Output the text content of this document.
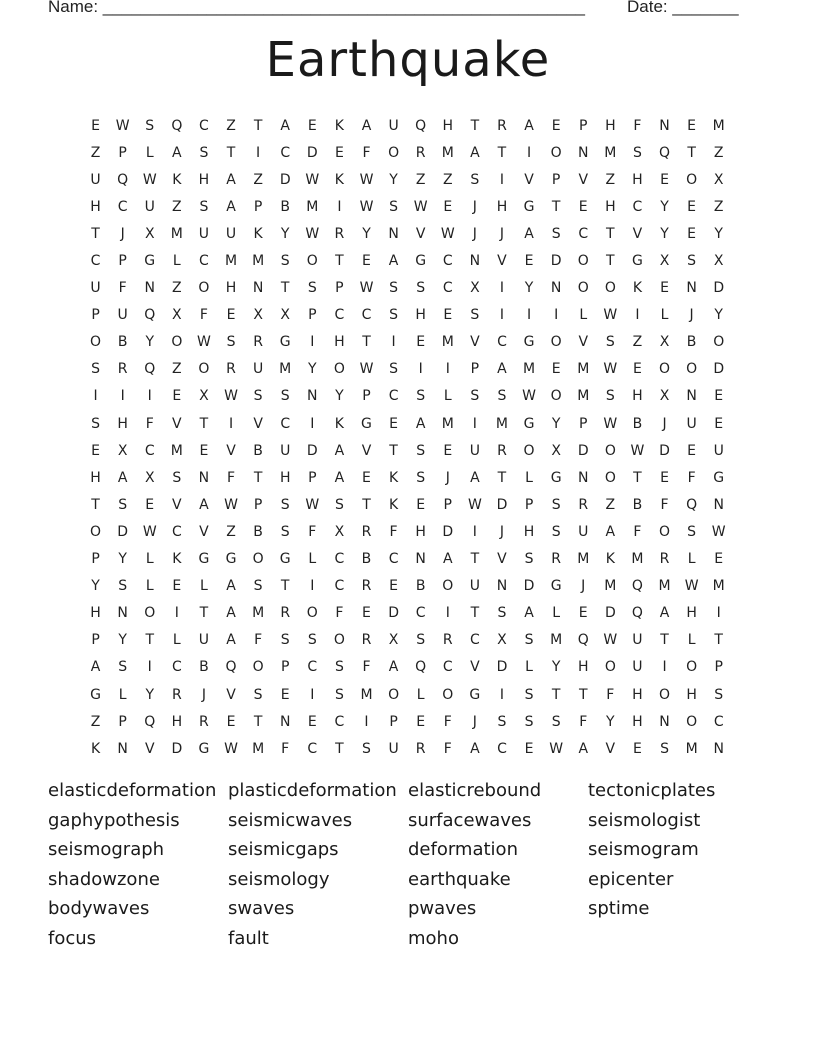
Name: ___________________________________________________ Date: _______
Earthquake
E	W	S	Q	C	Z	T	A	E	K	A	U	Q	H	T	R	A	E	P	H	F	N	E	M
Z	P	L	A	S	T	I	C	D	E	F	O	R	M	A	T	I	O	N	M	S	Q	T	Z
U	Q	W	K	H	A	Z	D	W	K	W	Y	Z	Z	S	I	V	P	V	Z	H	E	O	X
H	C	U	Z	S	A	P	B	M	I	W	S	W	E	J	H	G	T	E	H	C	Y	E	Z
T	J	X	M	U	U	K	Y	W	R	Y	N	V	W	J	J	A	S	C	T	V	Y	E	Y
C	P	G	L	C	M	M	S	O	T	E	A	G	C	N	V	E	D	O	T	G	X	S	X
U	F	N	Z	O	H	N	T	S	P	W	S	S	C	X	I	Y	N	O	O	K	E	N	D
P	U	Q	X	F	E	X	X	P	C	C	S	H	E	S	I	I	I	L	W	I	L	J	Y
O	B	Y	O	W	S	R	G	I	H	T	I	E	M	V	C	G	O	V	S	Z	X	B	O
S	R	Q	Z	O	R	U	M	Y	O	W	S	I	I	P	A	M	E	M	W	E	O	O	D
I	I	I	E	X	W	S	S	N	Y	P	C	S	L	S	S	W	O	M	S	H	X	N	E
S	H	F	V	T	I	V	C	I	K	G	E	A	M	I	M	G	Y	P	W	B	J	U	E
E	X	C	M	E	V	B	U	D	A	V	T	S	E	U	R	O	X	D	O	W	D	E	U
H	A	X	S	N	F	T	H	P	A	E	K	S	J	A	T	L	G	N	O	T	E	F	G
T	S	E	V	A	W	P	S	W	S	T	K	E	P	W	D	P	S	R	Z	B	F	Q	N
O	D	W	C	V	Z	B	S	F	X	R	F	H	D	I	J	H	S	U	A	F	O	S	W
P	Y	L	K	G	G	O	G	L	C	B	C	N	A	T	V	S	R	M	K	M	R	L	E
Y	S	L	E	L	A	S	T	I	C	R	E	B	O	U	N	D	G	J	M	Q	M	W	M
H	N	O	I	T	A	M	R	O	F	E	D	C	I	T	S	A	L	E	D	Q	A	H	I
P	Y	T	L	U	A	F	S	S	O	R	X	S	R	C	X	S	M	Q	W	U	T	L	T
A	S	I	C	B	Q	O	P	C	S	F	A	Q	C	V	D	L	Y	H	O	U	I	O	P
G	L	Y	R	J	V	S	E	I	S	M	O	L	O	G	I	S	T	T	F	H	O	H	S
Z	P	Q	H	R	E	T	N	E	C	I	P	E	F	J	S	S	S	F	Y	H	N	O	C
K	N	V	D	G	W	M	F	C	T	S	U	R	F	A	C	E	W	A	V	E	S	M	N
elasticdeformation plasticdeformation elasticrebound	tectonicplates
gaphypothesis	seismicwaves	surfacewaves	seismologist
seismograph	seismicgaps	deformation	seismogram
shadowzone	seismology	earthquake	epicenter
bodywaves	swaves	pwaves	sptime
focus	fault	moho
